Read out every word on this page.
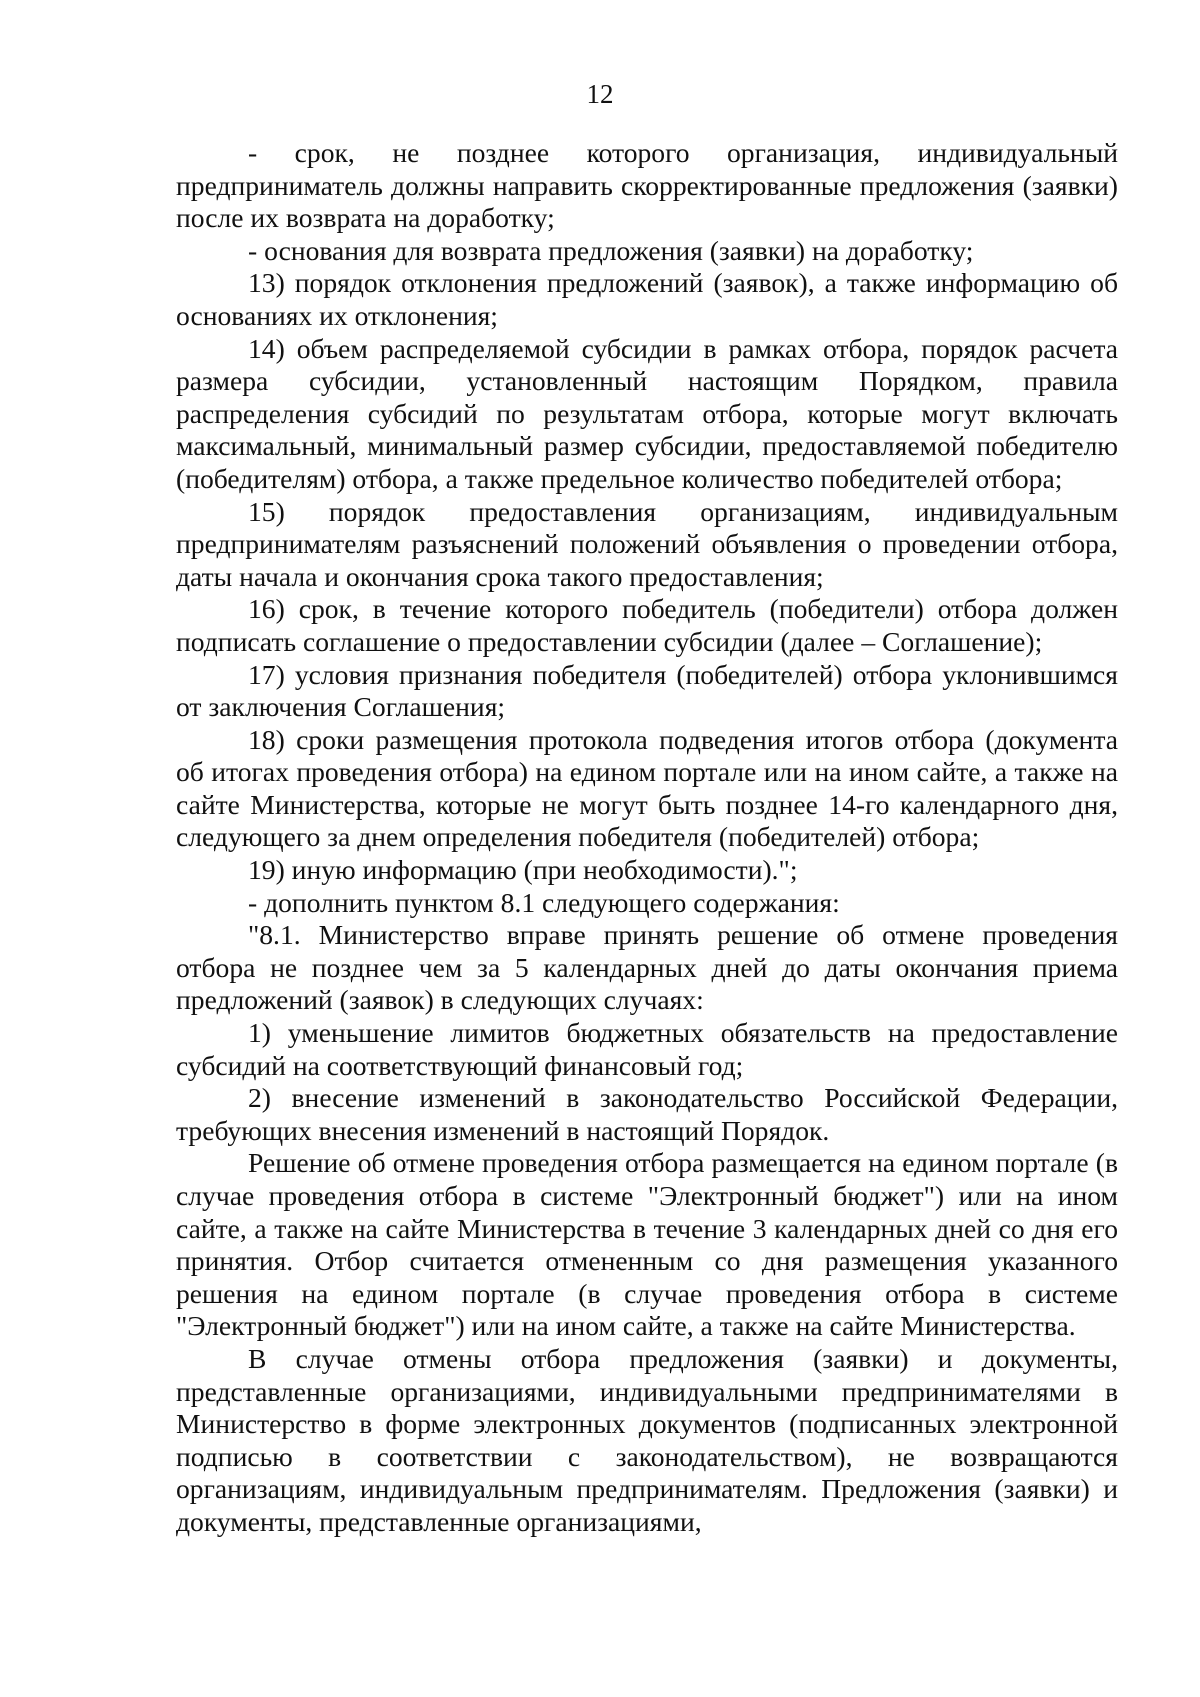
12

- срок, не позднее которого организация, индивидуальный предприниматель должны направить скорректированные предложения (заявки) после их возврата на доработку;

- основания для возврата предложения (заявки) на доработку;

13) порядок отклонения предложений (заявок), а также информацию об основаниях их отклонения;

14) объем распределяемой субсидии в рамках отбора, порядок расчета размера субсидии, установленный настоящим Порядком, правила распределения субсидий по результатам отбора, которые могут включать максимальный, минимальный размер субсидии, предоставляемой победителю (победителям) отбора, а также предельное количество победителей отбора;

15) порядок предоставления организациям, индивидуальным предпринимателям разъяснений положений объявления о проведении отбора, даты начала и окончания срока такого предоставления;

16) срок, в течение которого победитель (победители) отбора должен подписать соглашение о предоставлении субсидии (далее – Соглашение);

17) условия признания победителя (победителей) отбора уклонившимся от заключения Соглашения;

18) сроки размещения протокола подведения итогов отбора (документа об итогах проведения отбора) на едином портале или на ином сайте, а также на сайте Министерства, которые не могут быть позднее 14-го календарного дня, следующего за днем определения победителя (победителей) отбора;

19) иную информацию (при необходимости).";

- дополнить пунктом 8.1 следующего содержания:

"8.1. Министерство вправе принять решение об отмене проведения отбора не позднее чем за 5 календарных дней до даты окончания приема предложений (заявок) в следующих случаях:

1) уменьшение лимитов бюджетных обязательств на предоставление субсидий на соответствующий финансовый год;

2) внесение изменений в законодательство Российской Федерации, требующих внесения изменений в настоящий Порядок.

Решение об отмене проведения отбора размещается на едином портале (в случае проведения отбора в системе "Электронный бюджет") или на ином сайте, а также на сайте Министерства в течение 3 календарных дней со дня его принятия. Отбор считается отмененным со дня размещения указанного решения на едином портале (в случае проведения отбора в системе "Электронный бюджет") или на ином сайте, а также на сайте Министерства.

В случае отмены отбора предложения (заявки) и документы, представленные организациями, индивидуальными предпринимателями в Министерство в форме электронных документов (подписанных электронной подписью в соответствии с законодательством), не возвращаются организациям, индивидуальным предпринимателям. Предложения (заявки) и документы, представленные организациями,
